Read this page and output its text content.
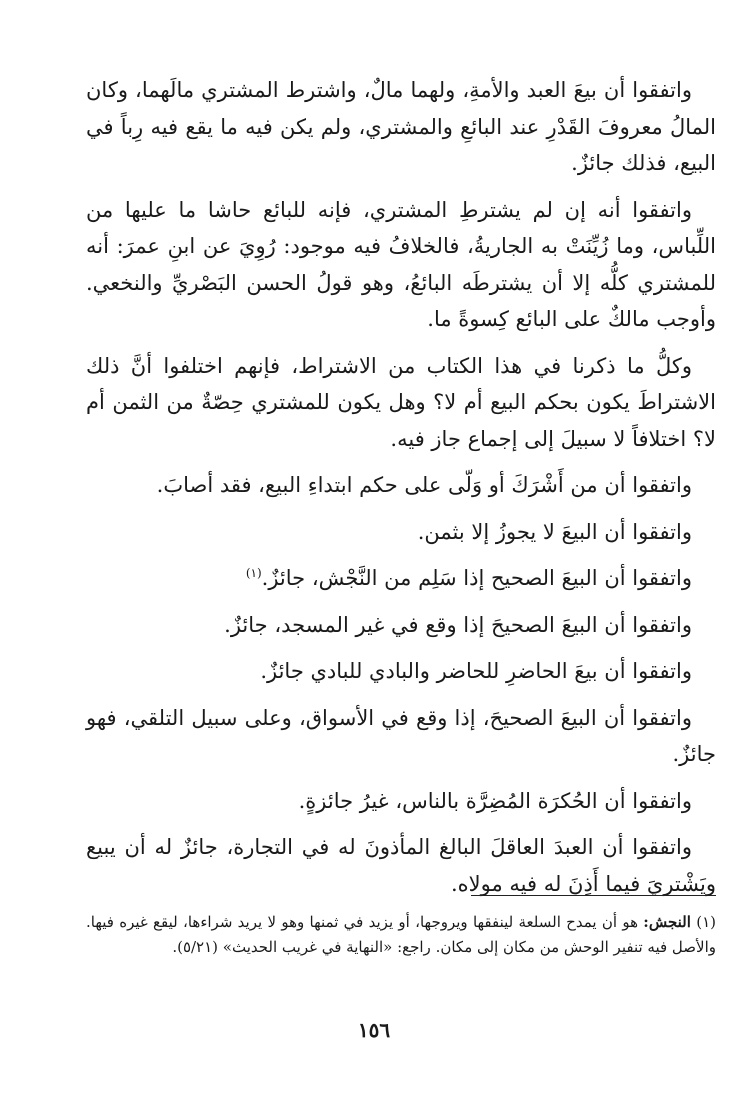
واتفقوا أن بيعَ العبد والأمةِ، ولهما مالٌ، واشترط المشتري مالَهما، وكان المالُ معروفَ القَدْرِ عند البائعِ والمشتري، ولم يكن فيه ما يقع فيه رِباً في البيع، فذلك جائزٌ.

واتفقوا أنه إن لم يشترطِ المشتري، فإنه للبائع حاشا ما عليها من اللِّباس، وما زُيِّنَتْ به الجاريةُ، فالخلافُ فيه موجود: رُوِيَ عن ابنِ عمرَ: أنه للمشتري كلُّه إلا أن يشترطَه البائعُ، وهو قولُ الحسن البَصْريِّ والنخعي. وأوجب مالكٌ على البائع كِسوةً ما.

وكلُّ ما ذكرنا في هذا الكتاب من الاشتراط، فإنهم اختلفوا أنَّ ذلك الاشتراطَ يكون بحكم البيع أم لا؟ وهل يكون للمشتري حِصّةٌ من الثمن أم لا؟ اختلافاً لا سبيلَ إلى إجماع جاز فيه.

واتفقوا أن من أَشْرَكَ أو وَلّى على حكم ابتداءِ البيع، فقد أصابَ.

واتفقوا أن البيعَ لا يجوزُ إلا بثمن.

واتفقوا أن البيعَ الصحيح إذا سَلِم من النَّجْش، جائزٌ.$^{(١)}$

واتفقوا أن البيعَ الصحيحَ إذا وقع في غير المسجد، جائزٌ.

واتفقوا أن بيعَ الحاضرِ للحاضر والبادي للبادي جائزٌ.

واتفقوا أن البيعَ الصحيحَ، إذا وقع في الأسواق، وعلى سبيل التلقي، فهو جائزٌ.

واتفقوا أن الحُكرَة المُضِرَّة بالناس، غيرُ جائزةٍ.

واتفقوا أن العبدَ العاقلَ البالغ المأذونَ له في التجارة، جائزٌ له أن يبيع ويَشْتريَ فيما أَذِنَ له فيه مولاه.

(١) النجش: هو أن يمدح السلعة لينفقها ويروجها، أو يزيد في ثمنها وهو لا يريد شراءها، ليقع غيره فيها. والأصل فيه تنفير الوحش من مكان إلى مكان. راجع: «النهاية في غريب الحديث» (٥/٢١).
١٥٦
